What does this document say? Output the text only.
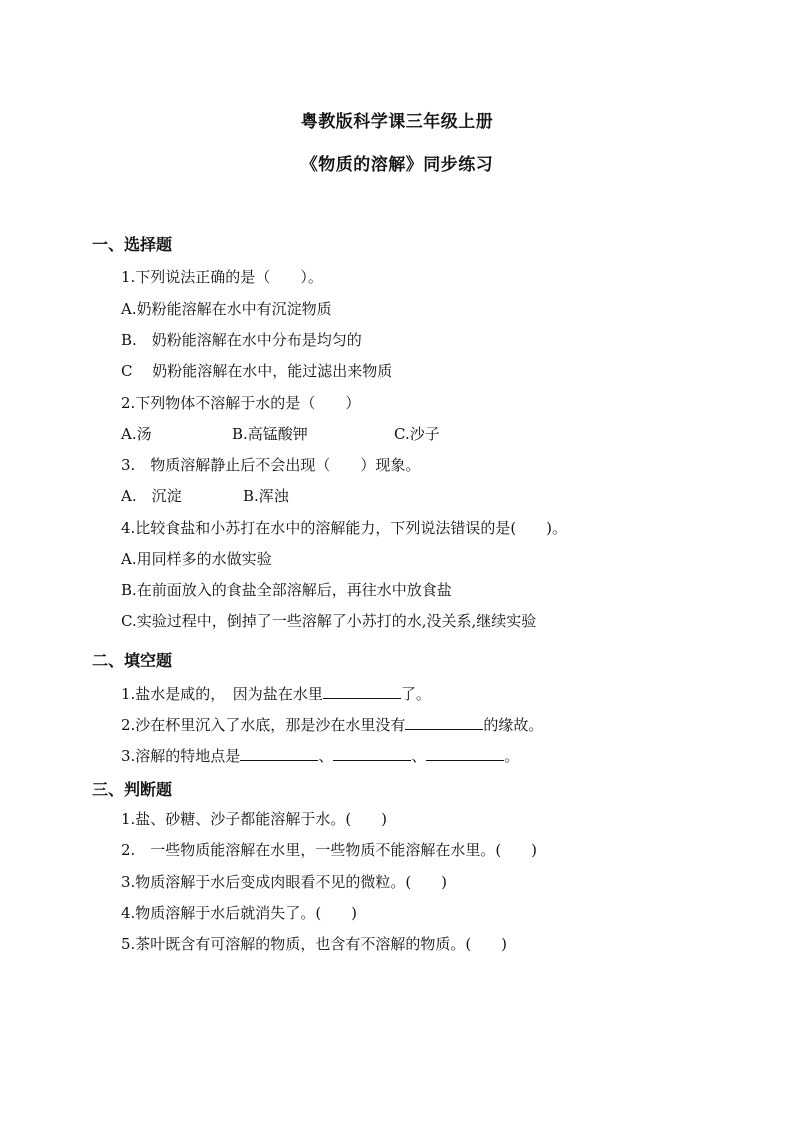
粤教版科学课三年级上册
《物质的溶解》同步练习
一、选择题
1.下列说法正确的是（　　）。
A.奶粉能溶解在水中有沉淀物质
B.　奶粉能溶解在水中分布是均匀的
C　 奶粉能溶解在水中，能过滤出来物质
2.下列物体不溶解于水的是（　　）
A.汤	B.高锰酸钾	C.沙子
3.　物质溶解静止后不会出现（　　）现象。
A.　沉淀	B.浑浊
4.比较食盐和小苏打在水中的溶解能力，下列说法错误的是(　　)。
A.用同样多的水做实验
B.在前面放入的食盐全部溶解后，再往水中放食盐
C.实验过程中，倒掉了一些溶解了小苏打的水,没关系,继续实验
二、填空题
1.盐水是咸的，　因为盐在水里	了。
2.沙在杯里沉入了水底，那是沙在水里没有	的缘故。
3.溶解的特地点是	、	、	。
三、判断题
1.盐、砂糖、沙子都能溶解于水。(　　)
2.　一些物质能溶解在水里，一些物质不能溶解在水里。(　　)
3.物质溶解于水后变成肉眼看不见的微粒。(　　)
4.物质溶解于水后就消失了。(　　)
5.茶叶既含有可溶解的物质，也含有不溶解的物质。(　　)
